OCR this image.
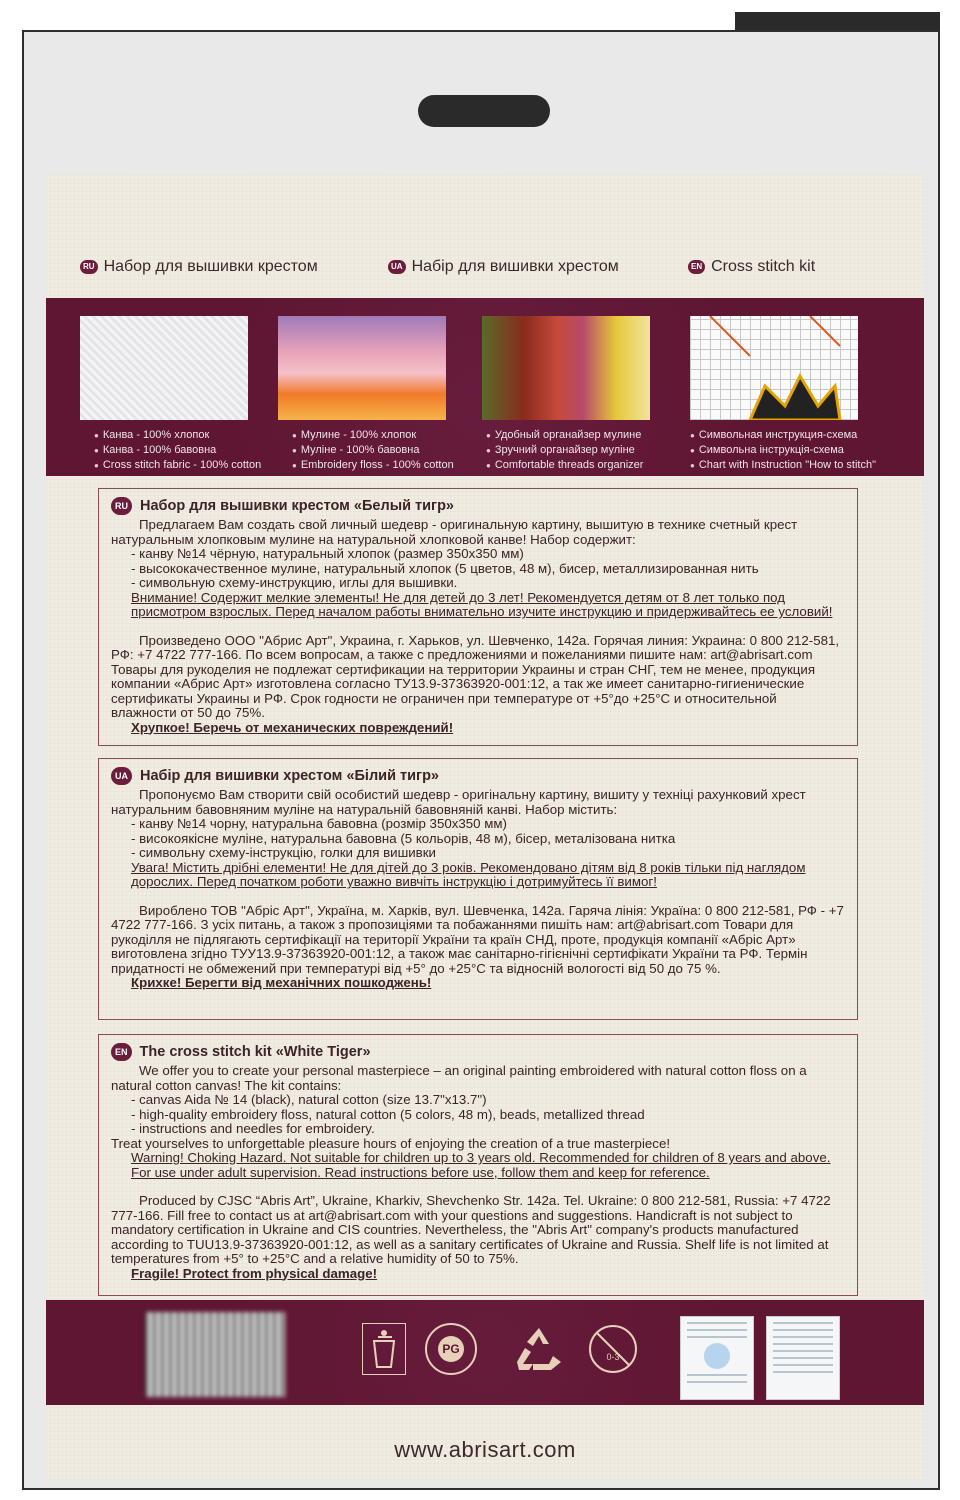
RU Набор для вышивки крестом	UA Набір для вишивки хрестом	EN Cross stitch kit
● Канва - 100% хлопок
● Канва - 100% бавовна
● Cross stitch fabric - 100% cotton
● Мулине - 100% хлопок
● Муліне - 100% бавовна
● Embroidery floss - 100% cotton
● Удобный органайзер мулине
● Зручний органайзер муліне
● Comfortable threads organizer
● Символьная инструкция-схема
● Символьна інструкція-схема
● Chart with Instruction "How to stitch"
RU Набор для вышивки крестом «Белый тигр»
Предлагаем Вам создать свой личный шедевр - оригинальную картину, вышитую в технике счетный крест натуральным хлопковым мулине на натуральной хлопковой канве! Набор содержит:
- канву №14 чёрную, натуральный хлопок (размер 350х350 мм)
- высококачественное мулине, натуральный хлопок (5 цветов, 48 м), бисер, металлизированная нить
- символьную схему-инструкцию, иглы для вышивки.
Внимание! Содержит мелкие элементы! Не для детей до 3 лет! Рекомендуется детям от 8 лет только под присмотром взрослых. Перед началом работы внимательно изучите инструкцию и придерживайтесь ее условий!
Произведено ООО "Абрис Арт", Украина, г. Харьков, ул. Шевченко, 142а. Горячая линия: Украина: 0 800 212-581, РФ: +7 4722 777-166. По всем вопросам, а также с предложениями и пожеланиями пишите нам: art@abrisart.com Товары для рукоделия не подлежат сертификации на территории Украины и стран СНГ, тем не менее, продукция компании «Абрис Арт» изготовлена согласно ТУ13.9-37363920-001:12, а так же имеет санитарно-гигиенические сертификаты Украины и РФ. Срок годности не ограничен при температуре от +5°до +25°С и относительной влажности от 50 до 75%.
Хрупкое! Беречь от механических повреждений!
UA Набір для вишивки хрестом «Білий тигр»
Пропонуємо Вам створити свій особистий шедевр - оригінальну картину, вишиту у техніці рахунковий хрест натуральним бавовняним муліне на натуральній бавовняній канві. Набор містить:
- канву №14 чорну, натуральна бавовна (розмір 350х350 мм)
- високоякісне муліне, натуральна бавовна (5 кольорів, 48 м), бісер, металізована нитка
- символьну схему-інструкцію, голки для вишивки
Увага! Містить дрібні елементи! Не для дітей до 3 років. Рекомендовано дітям від 8 років тільки під наглядом дорослих. Перед початком роботи уважно вивчіть інструкцію і дотримуйтесь її вимог!
Вироблено ТОВ "Абріс Арт", Україна, м. Харків, вул. Шевченка, 142а. Гаряча лінія: Україна: 0 800 212-581, РФ - +7 4722 777-166. З усіх питань, а також з пропозиціями та побажаннями пишіть нам: art@abrisart.com Товари для рукоділля не підлягають сертифікації на території України та країн СНД, проте, продукція компанії «Абріс Арт» виготовлена згідно ТУУ13.9-37363920-001:12, а також має санітарно-гігієнічні сертифікати України та РФ. Термін придатності не обмежений при температурі від +5° до +25°С та відносній вологості від 50 до 75 %.
Крихке! Берегти від механічних пошкоджень!
EN The cross stitch kit «White Tiger»
We offer you to create your personal masterpiece – an original painting embroidered with natural cotton floss on a natural cotton canvas! The kit contains:
- canvas Aida № 14 (black), natural cotton (size 13.7"x13.7")
- high-quality embroidery floss, natural cotton (5 colors, 48 m), beads, metallized thread
- instructions and needles for embroidery.
Treat yourselves to unforgettable pleasure hours of enjoying the creation of a true masterpiece!
Warning! Choking Hazard. Not suitable for children up to 3 years old. Recommended for children of 8 years and above. For use under adult supervision. Read instructions before use, follow them and keep for reference.
Produced by CJSC “Abris Art”, Ukraine, Kharkiv, Shevchenko Str. 142a. Tel. Ukraine: 0 800 212-581, Russia: +7 4722 777-166. Fill free to contact us at art@abrisart.com with your questions and suggestions. Handicraft is not subject to mandatory certification in Ukraine and CIS countries. Nevertheless, the "Abris Art" company's products manufactured according to TUU13.9-37363920-001:12, as well as a sanitary certificates of Ukraine and Russia. Shelf life is not limited at temperatures from +5° to +25°C and a relative humidity of 50 to 75%.
Fragile! Protect from physical damage!
PG
0-3
www.abrisart.com
